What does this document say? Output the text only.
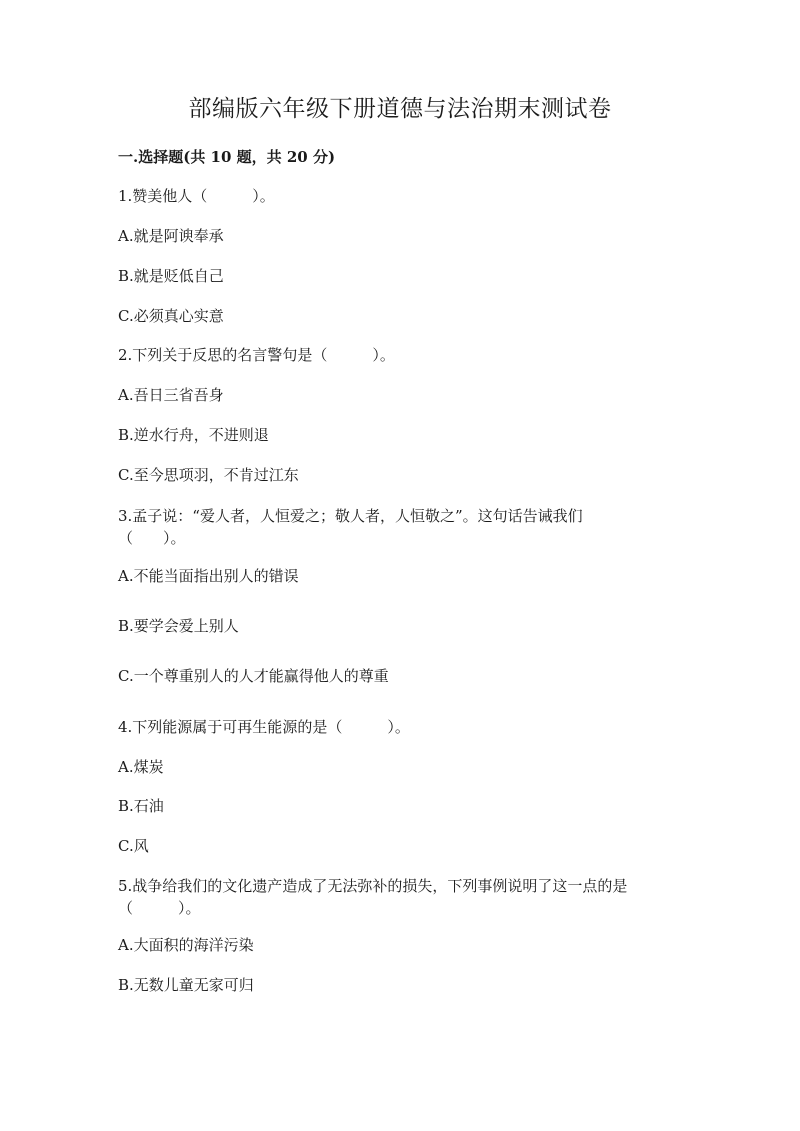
部编版六年级下册道德与法治期末测试卷
一.选择题(共 10 题，共 20 分)
1.赞美他人（　　　）。
A.就是阿谀奉承
B.就是贬低自己
C.必须真心实意
2.下列关于反思的名言警句是（　　　）。
A.吾日三省吾身
B.逆水行舟，不进则退
C.至今思项羽，不肯过江东
3.孟子说：“爱人者，人恒爱之；敬人者，人恒敬之”。这句话告诫我们
（　　）。
A.不能当面指出别人的错误
B.要学会爱上别人
C.一个尊重别人的人才能赢得他人的尊重
4.下列能源属于可再生能源的是（　　　）。
A.煤炭
B.石油
C.风
5.战争给我们的文化遗产造成了无法弥补的损失，下列事例说明了这一点的是
（　　　）。
A.大面积的海洋污染
B.无数儿童无家可归
